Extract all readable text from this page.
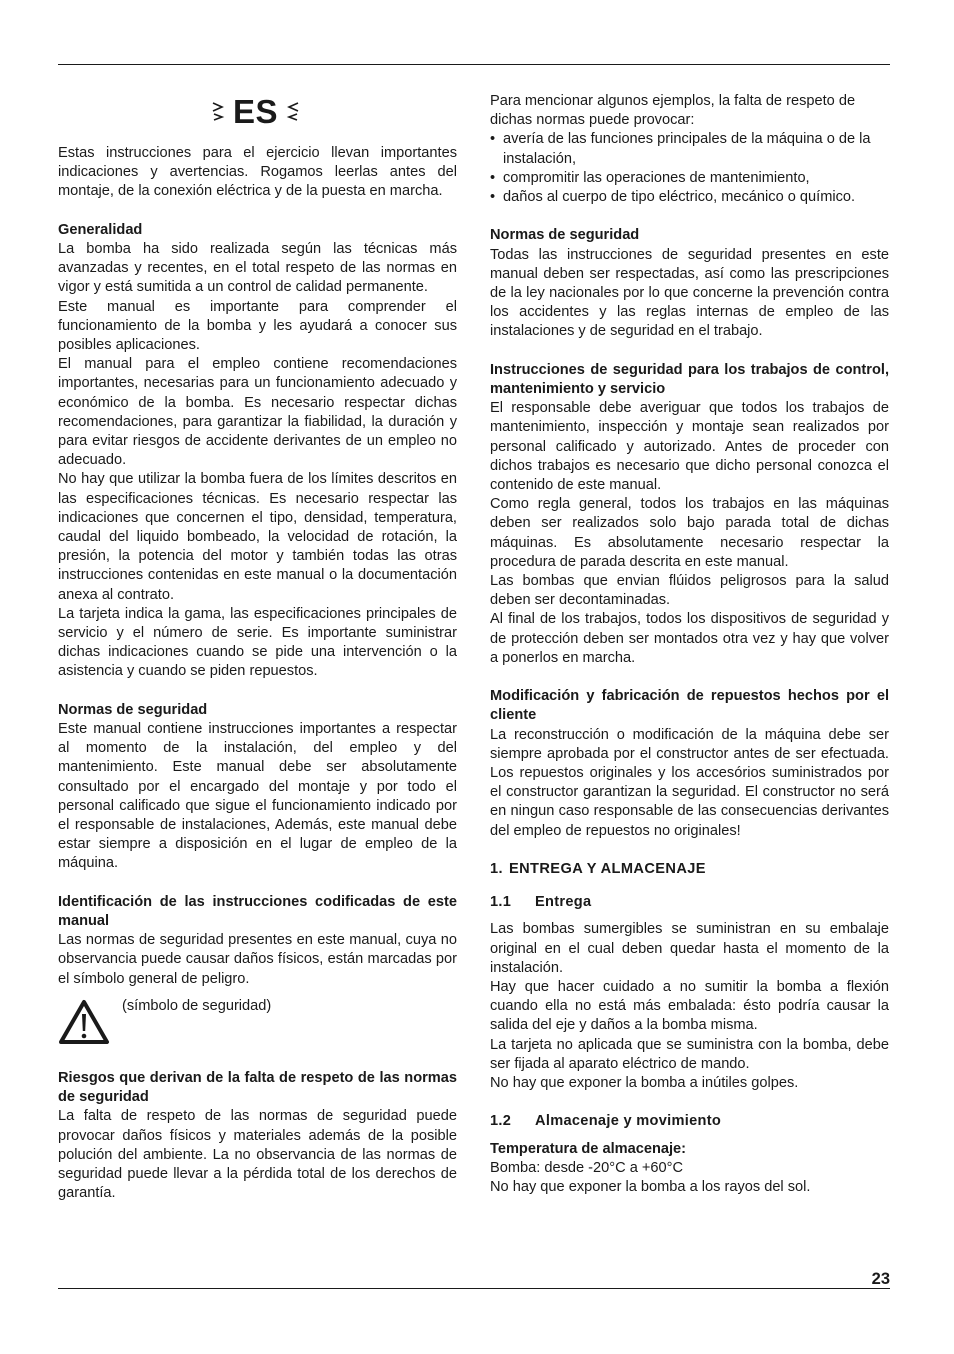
ES

Estas instrucciones para el ejercicio llevan importantes indicaciones y avertencias. Rogamos leerlas antes del montaje, de la conexión eléctrica y de la puesta en marcha.

Generalidad

La bomba ha sido realizada según las técnicas más avanzadas y recentes, en el total respeto de las normas en vigor y está sumitida a un control de calidad permanente.

Este manual es importante para comprender el funcionamiento de la bomba y les ayudará a conocer sus posibles aplicaciones.

El manual para el empleo contiene recomendaciones importantes, necesarias para un funcionamiento adecuado y económico de la bomba. Es necesario respectar dichas recomendaciones, para garantizar la fiabilidad, la duración y para evitar riesgos de accidente derivantes de un empleo no adecuado.

No hay que utilizar la bomba fuera de los límites descritos en las especificaciones técnicas. Es necesario respectar las indicaciones que concernen el tipo, densidad, temperatura, caudal del liquido bombeado, la velocidad de rotación, la presión, la potencia del motor y también todas las otras instrucciones contenidas en este manual o la documentación anexa al contrato.

La tarjeta indica la gama, las especificaciones principales de servicio y el número de serie. Es importante suministrar dichas indicaciones cuando se pide una intervención o la asistencia y cuando se piden repuestos.

Normas de seguridad

Este manual contiene instrucciones importantes a respectar al momento de la instalación, del empleo y del mantenimiento. Este manual debe ser absolutamente consultado por el encargado del montaje y por todo el personal calificado que sigue el funcionamiento indicado por el responsable de instalaciones, Además, este manual debe estar siempre a disposición en el lugar de empleo de la máquina.

Identificación de las instrucciones codificadas de este manual

Las normas de seguridad presentes en este manual, cuya no observancia puede causar daños físicos, están marcadas por el símbolo general de peligro.

(símbolo de seguridad)

Riesgos que derivan de la falta de respeto de las normas de seguridad

La falta de respeto de las normas de seguridad puede provocar daños físicos y materiales además de la posible polución del ambiente. La no observancia de las normas de seguridad puede llevar a la pérdida total de los derechos de garantía.

Para mencionar algunos ejemplos, la falta de respeto de dichas normas puede provocar:

• avería de las funciones principales de la máquina o de la instalación,
• compromitir las operaciones de mantenimiento,
• daños al cuerpo de tipo eléctrico, mecánico o químico.

Normas de seguridad

Todas las instrucciones de seguridad presentes en este manual deben ser respectadas, así como las prescripciones de la ley nacionales por lo que concerne la prevención contra los accidentes y las reglas internas de empleo de las instalaciones y de seguridad en el trabajo.

Instrucciones de seguridad para los trabajos de control, mantenimiento y servicio

El responsable debe averiguar que todos los trabajos de mantenimiento, inspección y montaje sean realizados por personal calificado y autorizado. Antes de proceder con dichos trabajos es necesario que dicho personal conozca el contenido de este manual.

Como regla general, todos los trabajos en las máquinas deben ser realizados solo bajo parada total de dichas máquinas. Es absolutamente necesario respectar la procedura de parada descrita en este manual.

Las bombas que envian flúidos peligrosos para la salud deben ser decontaminadas.

Al final de los trabajos, todos los dispositivos de seguridad y de protección deben ser montados otra vez y hay que volver a ponerlos en marcha.

Modificación y fabricación de repuestos hechos por el cliente

La reconstrucción o modificación de la máquina debe ser siempre aprobada por el constructor antes de ser efectuada. Los repuestos originales y los accesórios suministrados por el constructor garantizan la seguridad. El constructor no será en ningun caso responsable de las consecuencias derivantes del empleo de repuestos no originales!

1. ENTREGA Y ALMACENAJE
1.1 Entrega

Las bombas sumergibles se suministran en su embalaje original en el cual deben quedar hasta el momento de la instalación.

Hay que hacer cuidado a no sumitir la bomba a flexión cuando ella no está más embalada: ésto podría causar la salida del eje y daños a la bomba misma.

La tarjeta no aplicada que se suministra con la bomba, debe ser fijada al aparato eléctrico de mando.

No hay que exponer la bomba a inútiles golpes.

1.2 Almacenaje y movimiento

Temperatura de almacenaje:

Bomba: desde -20°C a +60°C

No hay que exponer la bomba a los rayos del sol.

23
